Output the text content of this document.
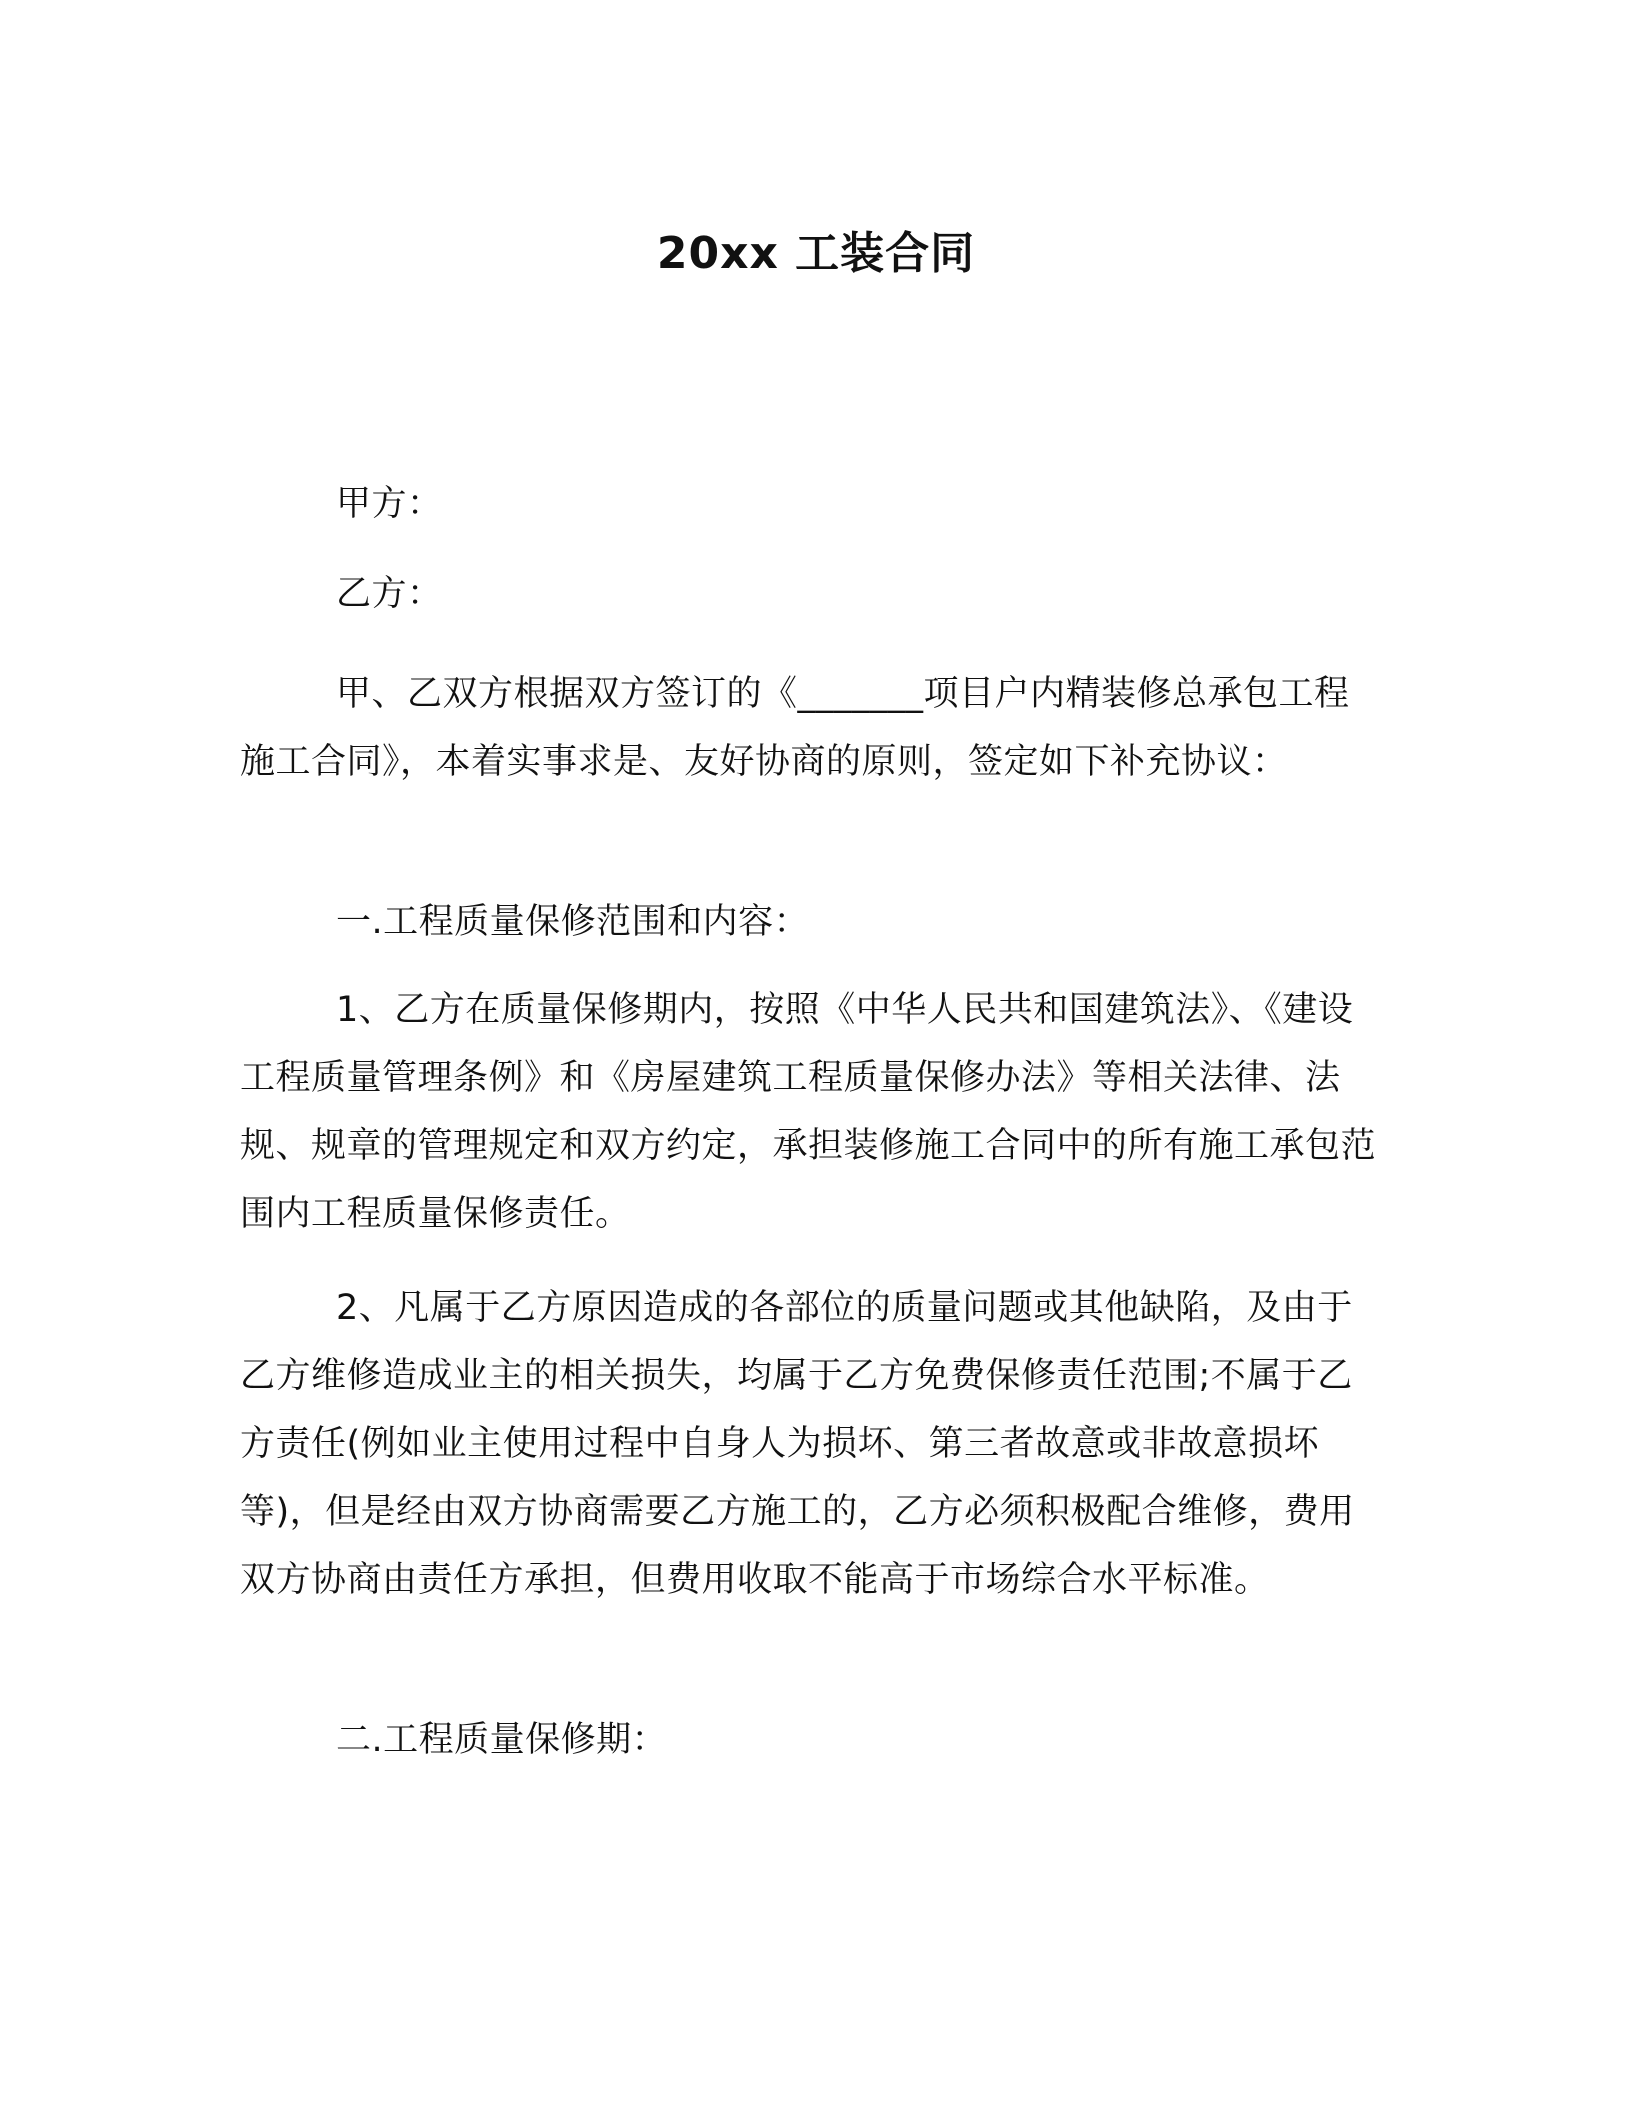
20xx 工装合同

甲方：

乙方：

甲、乙双方根据双方签订的《_______项目户内精装修总承包工程施工合同》，本着实事求是、友好协商的原则，签定如下补充协议：

一.工程质量保修范围和内容：

1、乙方在质量保修期内，按照《中华人民共和国建筑法》、《建设工程质量管理条例》和《房屋建筑工程质量保修办法》等相关法律、法规、规章的管理规定和双方约定，承担装修施工合同中的所有施工承包范围内工程质量保修责任。

2、凡属于乙方原因造成的各部位的质量问题或其他缺陷，及由于乙方维修造成业主的相关损失，均属于乙方免费保修责任范围;不属于乙方责任(例如业主使用过程中自身人为损坏、第三者故意或非故意损坏等)，但是经由双方协商需要乙方施工的，乙方必须积极配合维修，费用双方协商由责任方承担，但费用收取不能高于市场综合水平标准。

二.工程质量保修期：
